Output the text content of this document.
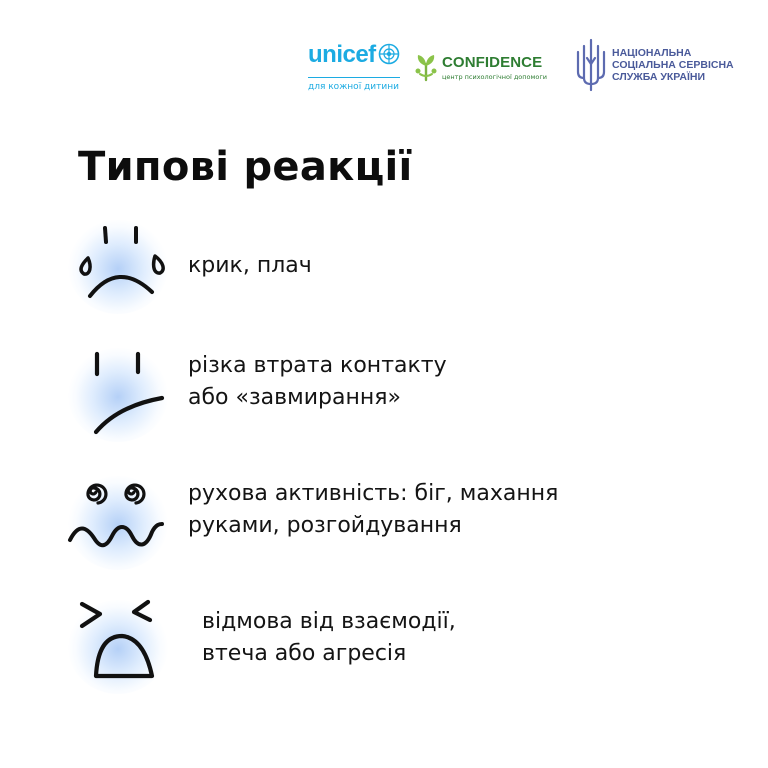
unicef
для кожної дитини
CONFIDENCE
центр психологічної допомоги
НАЦІОНАЛЬНА
СОЦІАЛЬНА СЕРВІСНА
СЛУЖБА УКРАЇНИ
Типові реакції
крик, плач
різка втрата контакту
або «завмирання»
рухова активність: біг, махання
руками, розгойдування
відмова від взаємодії,
втеча або агресія
